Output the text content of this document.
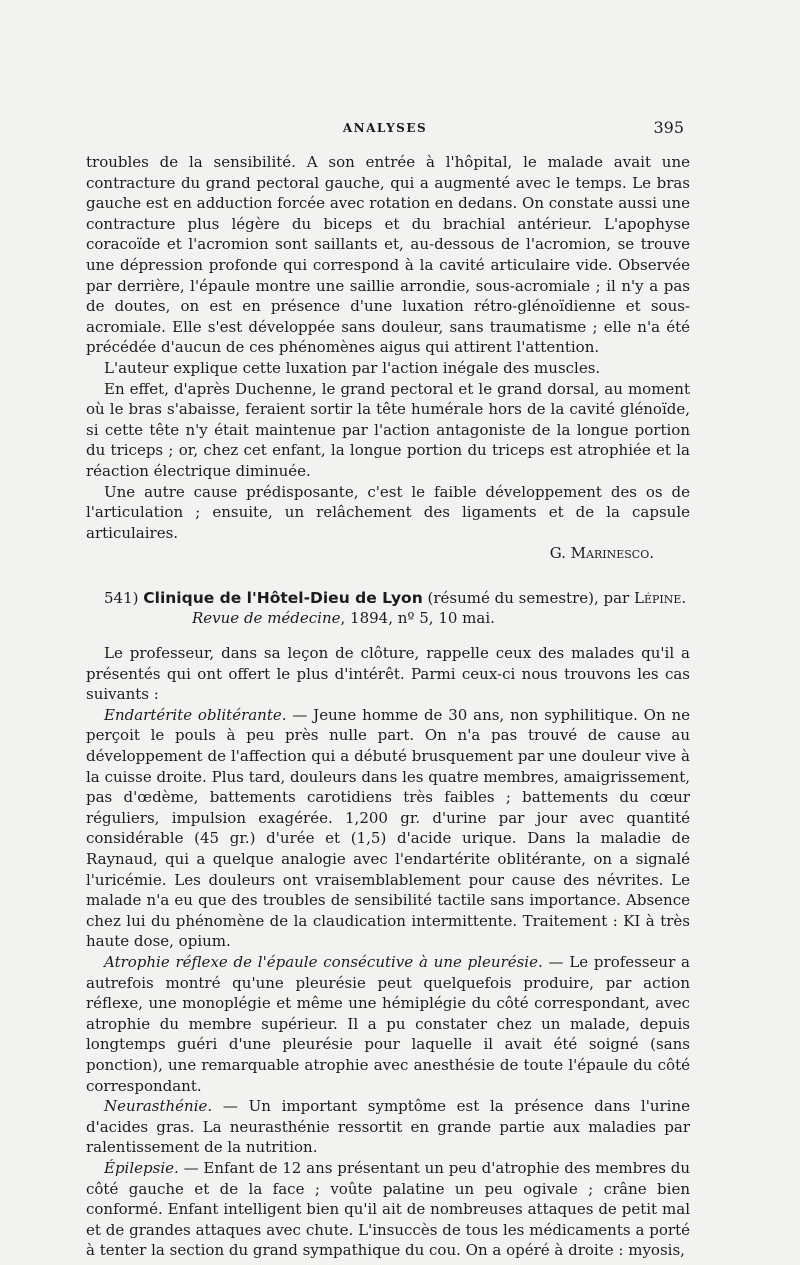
ANALYSES	395

troubles de la sensibilité. A son entrée à l'hôpital, le malade avait une contracture du grand pectoral gauche, qui a augmenté avec le temps. Le bras gauche est en adduction forcée avec rotation en dedans. On constate aussi une contracture plus légère du biceps et du brachial antérieur. L'apophyse coracoïde et l'acromion sont saillants et, au-dessous de l'acromion, se trouve une dépression profonde qui correspond à la cavité articulaire vide. Observée par derrière, l'épaule montre une saillie arrondie, sous-acromiale ; il n'y a pas de doutes, on est en présence d'une luxation rétro-glénoïdienne et sous-acromiale. Elle s'est développée sans douleur, sans traumatisme ; elle n'a été précédée d'aucun de ces phénomènes aigus qui attirent l'attention.

L'auteur explique cette luxation par l'action inégale des muscles.

En effet, d'après Duchenne, le grand pectoral et le grand dorsal, au moment où le bras s'abaisse, feraient sortir la tête humérale hors de la cavité glénoïde, si cette tête n'y était maintenue par l'action antagoniste de la longue portion du triceps ; or, chez cet enfant, la longue portion du triceps est atrophiée et la réaction électrique diminuée.

Une autre cause prédisposante, c'est le faible développement des os de l'articulation ; ensuite, un relâchement des ligaments et de la capsule articulaires.

G. Marinesco.

541) Clinique de l'Hôtel-Dieu de Lyon (résumé du semestre), par Lépine.

Revue de médecine, 1894, nº 5, 10 mai.

Le professeur, dans sa leçon de clôture, rappelle ceux des malades qu'il a présentés qui ont offert le plus d'intérêt. Parmi ceux-ci nous trouvons les cas suivants :

Endartérite oblitérante. — Jeune homme de 30 ans, non syphilitique. On ne perçoit le pouls à peu près nulle part. On n'a pas trouvé de cause au développement de l'affection qui a débuté brusquement par une douleur vive à la cuisse droite. Plus tard, douleurs dans les quatre membres, amaigrissement, pas d'œdème, battements carotidiens très faibles ; battements du cœur réguliers, impulsion exagérée. 1,200 gr. d'urine par jour avec quantité considérable (45 gr.) d'urée et (1,5) d'acide urique. Dans la maladie de Raynaud, qui a quelque analogie avec l'endartérite oblitérante, on a signalé l'uricémie. Les douleurs ont vraisemblablement pour cause des névrites. Le malade n'a eu que des troubles de sensibilité tactile sans importance. Absence chez lui du phénomène de la claudication intermittente. Traitement : KI à très haute dose, opium.

Atrophie réflexe de l'épaule consécutive à une pleurésie. — Le professeur a autrefois montré qu'une pleurésie peut quelquefois produire, par action réflexe, une monoplégie et même une hémiplégie du côté correspondant, avec atrophie du membre supérieur. Il a pu constater chez un malade, depuis longtemps guéri d'une pleurésie pour laquelle il avait été soigné (sans ponction), une remarquable atrophie avec anesthésie de toute l'épaule du côté correspondant.

Neurasthénie. — Un important symptôme est la présence dans l'urine d'acides gras. La neurasthénie ressortit en grande partie aux maladies par ralentissement de la nutrition.

Épilepsie. — Enfant de 12 ans présentant un peu d'atrophie des membres du côté gauche et de la face ; voûte palatine un peu ogivale ; crâne bien conformé. Enfant intelligent bien qu'il ait de nombreuses attaques de petit mal et de grandes attaques avec chute. L'insuccès de tous les médicaments a porté à tenter la section du grand sympathique du cou. On a opéré à droite : myosis,
